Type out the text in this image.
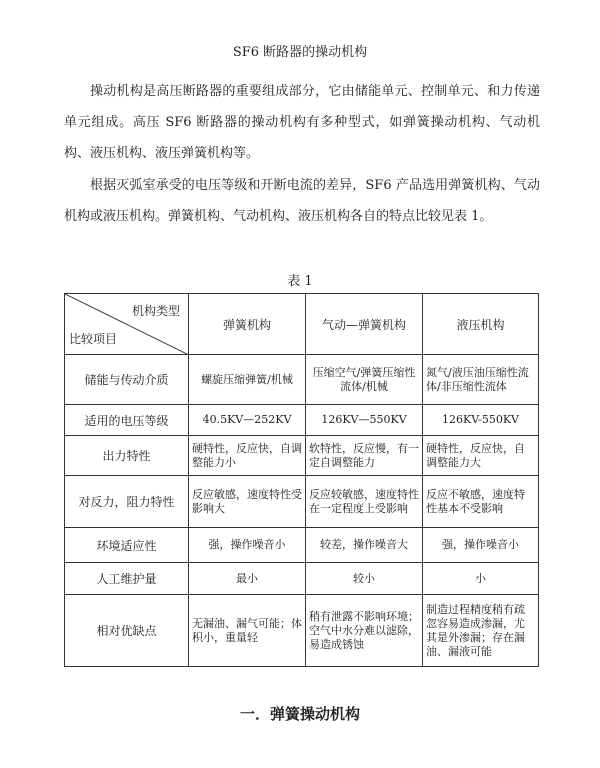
SF6 断路器的操动机构

操动机构是高压断路器的重要组成部分，它由储能单元、控制单元、和力传递单元组成。高压 SF6 断路器的操动机构有多种型式，如弹簧操动机构、气动机构、液压机构、液压弹簧机构等。

根据灭弧室承受的电压等级和开断电流的差异，SF6 产品选用弹簧机构、气动机构或液压机构。弹簧机构、气动机构、液压机构各自的特点比较见表 1。

表 1
机构类型
比较项目	弹簧机构	气动—弹簧机构	液压机构
储能与传动介质	螺旋压缩弹簧/机械	压缩空气/弹簧压缩性流体/机械	氮气/液压油压缩性流体/非压缩性流体
适用的电压等级	40.5KV—252KV	126KV—550KV	126KV-550KV
出力特性	硬特性，反应快，自调整能力小	软特性，反应慢，有一定自调整能力	硬特性，反应快，自调整能力大
对反力，阻力特性	反应敏感，速度特性受影响大	反应较敏感，速度特性在一定程度上受影响	反应不敏感，速度特性基本不受影响
环境适应性	强，操作噪音小	较差，操作噪音大	强，操作噪音小
人工维护量	最小	较小	小
相对优缺点	无漏油、漏气可能；体积小，重量轻	稍有泄露不影响环境；空气中水分难以滤除，易造成锈蚀	制造过程精度稍有疏忽容易造成渗漏，尤其是外渗漏；存在漏油、漏液可能
一．弹簧操动机构
